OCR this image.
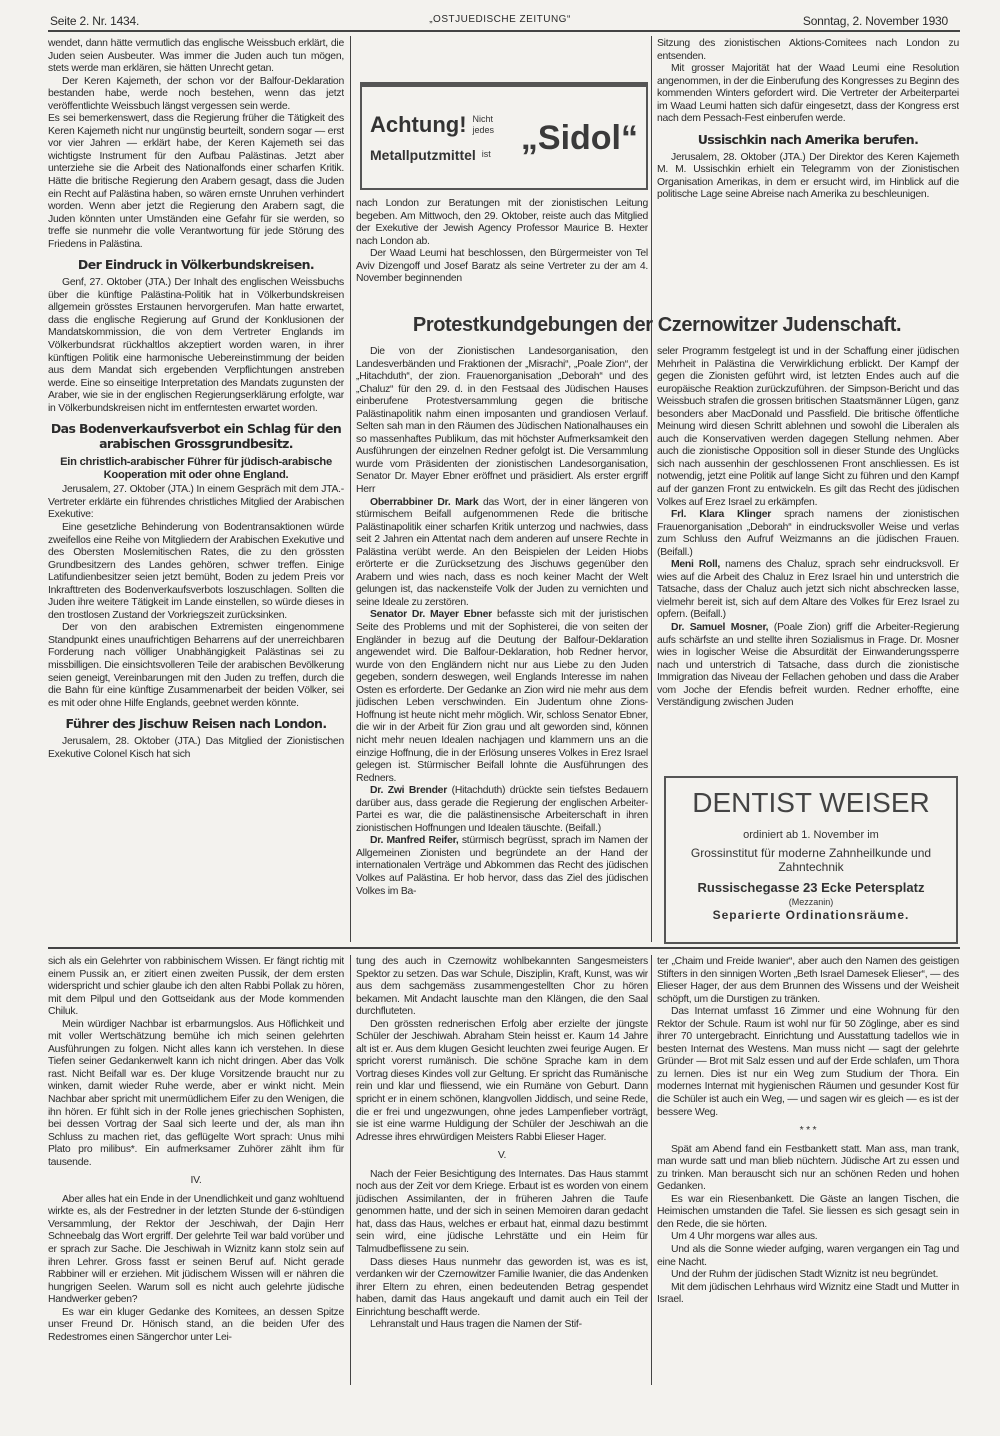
Seite 2. Nr. 1434.	„OSTJUEDISCHE ZEITUNG“	Sonntag, 2. November 1930

wendet, dann hätte vermutlich das englische Weissbuch erklärt, die Juden seien Ausbeuter. Was immer die Juden auch tun mögen, stets werde man erklären, sie hätten Unrecht getan.

Der Keren Kajemeth, der schon vor der Balfour-Deklaration bestanden habe, werde noch bestehen, wenn das jetzt veröffentlichte Weissbuch längst vergessen sein werde.

Es sei bemerkenswert, dass die Regierung früher die Tätigkeit des Keren Kajemeth nicht nur ungünstig beurteilt, sondern sogar — erst vor vier Jahren — erklärt habe, der Keren Kajemeth sei das wichtigste Instrument für den Aufbau Palästinas. Jetzt aber unterziehe sie die Arbeit des Nationalfonds einer scharfen Kritik. Hätte die britische Regierung den Arabern gesagt, dass die Juden ein Recht auf Palästina haben, so wären ernste Unruhen verhindert worden. Wenn aber jetzt die Regierung den Arabern sagt, die Juden könnten unter Umständen eine Gefahr für sie werden, so treffe sie nunmehr die volle Verantwortung für jede Störung des Friedens in Palästina.

Der Eindruck in Völkerbundskreisen.

Genf, 27. Oktober (JTA.) Der Inhalt des englischen Weissbuchs über die künftige Palästina-Politik hat in Völkerbundskreisen allgemein grösstes Erstaunen hervorgerufen. Man hatte erwartet, dass die englische Regierung auf Grund der Konklusionen der Mandatskommission, die von dem Vertreter Englands im Völkerbundsrat rückhaltlos akzeptiert worden waren, in ihrer künftigen Politik eine harmonische Uebereinstimmung der beiden aus dem Mandat sich ergebenden Verpflichtungen anstreben werde. Eine so einseitige Interpretation des Mandats zugunsten der Araber, wie sie in der englischen Regierungserklärung erfolgte, war in Völkerbundskreisen nicht im entferntesten erwartet worden.

Das Bodenverkaufsverbot ein Schlag für den arabischen Grossgrundbesitz.
Ein christlich-arabischer Führer für jüdisch-arabische Kooperation mit oder ohne England.

Jerusalem, 27. Oktober (JTA.) In einem Gespräch mit dem JTA.-Vertreter erklärte ein führendes christliches Mitglied der Arabischen Exekutive:

Eine gesetzliche Behinderung von Bodentransaktionen würde zweifellos eine Reihe von Mitgliedern der Arabischen Exekutive und des Obersten Moslemitischen Rates, die zu den grössten Grundbesitzern des Landes gehören, schwer treffen. Einige Latifundienbesitzer seien jetzt bemüht, Boden zu jedem Preis vor Inkrafttreten des Bodenverkaufsverbots loszuschlagen. Sollten die Juden ihre weitere Tätigkeit im Lande einstellen, so würde dieses in den trostlosen Zustand der Vorkriegszeit zurücksinken.

Der von den arabischen Extremisten eingenommene Standpunkt eines unaufrichtigen Beharrens auf der unerreichbaren Forderung nach völliger Unabhängigkeit Palästinas sei zu missbilligen. Die einsichtsvolleren Teile der arabischen Bevölkerung seien geneigt, Vereinbarungen mit den Juden zu treffen, durch die die Bahn für eine künftige Zusammenarbeit der beiden Völker, sei es mit oder ohne Hilfe Englands, geebnet werden könnte.

Führer des Jischuw Reisen nach London.

Jerusalem, 28. Oktober (JTA.) Das Mitglied der Zionistischen Exekutive Colonel Kisch hat sich

Achtung! Nicht jedes
Metallputzmittel ist „Sidol“

nach London zur Beratungen mit der zionistischen Leitung begeben. Am Mittwoch, den 29. Oktober, reiste auch das Mitglied der Exekutive der Jewish Agency Professor Maurice B. Hexter nach London ab.

Der Waad Leumi hat beschlossen, den Bürgermeister von Tel Aviv Dizengoff und Josef Baratz als seine Vertreter zu der am 4. November beginnenden

Sitzung des zionistischen Aktions-Comitees nach London zu entsenden.

Mit grosser Majorität hat der Waad Leumi eine Resolution angenommen, in der die Einberufung des Kongresses zu Beginn des kommenden Winters gefordert wird. Die Vertreter der Arbeiterpartei im Waad Leumi hatten sich dafür eingesetzt, dass der Kongress erst nach dem Pessach-Fest einberufen werde.

Ussischkin nach Amerika berufen.

Jerusalem, 28. Oktober (JTA.) Der Direktor des Keren Kajemeth M. M. Ussischkin erhielt ein Telegramm von der Zionistischen Organisation Amerikas, in dem er ersucht wird, im Hinblick auf die politische Lage seine Abreise nach Amerika zu beschleunigen.

Protestkundgebungen der Czernowitzer Judenschaft.

Die von der Zionistischen Landesorganisation, den Landesverbänden und Fraktionen der „Misrachi“, „Poale Zion“, der „Hitachduth“, der zion. Frauenorganisation „Deborah“ und des „Chaluz“ für den 29. d. in den Festsaal des Jüdischen Hauses einberufene Protestversammlung gegen die britische Palästinapolitik nahm einen imposanten und grandiosen Verlauf. Selten sah man in den Räumen des Jüdischen Nationalhauses ein so massenhaftes Publikum, das mit höchster Aufmerksamkeit den Ausführungen der einzelnen Redner gefolgt ist. Die Versammlung wurde vom Präsidenten der zionistischen Landesorganisation, Senator Dr. Mayer Ebner eröffnet und präsidiert. Als erster ergriff Herr

Oberrabbiner Dr. Mark das Wort, der in einer längeren von stürmischem Beifall aufgenommenen Rede die britische Palästinapolitik einer scharfen Kritik unterzog und nachwies, dass seit 2 Jahren ein Attentat nach dem anderen auf unsere Rechte in Palästina verübt werde. An den Beispielen der Leiden Hiobs erörterte er die Zurücksetzung des Jischuws gegenüber den Arabern und wies nach, dass es noch keiner Macht der Welt gelungen ist, das nackensteife Volk der Juden zu vernichten und seine Ideale zu zerstören.

Senator Dr. Mayer Ebner befasste sich mit der juristischen Seite des Problems und mit der Sophisterei, die von seiten der Engländer in bezug auf die Deutung der Balfour-Deklaration angewendet wird. Die Balfour-Deklaration, hob Redner hervor, wurde von den Engländern nicht nur aus Liebe zu den Juden gegeben, sondern deswegen, weil Englands Interesse im nahen Osten es erforderte. Der Gedanke an Zion wird nie mehr aus dem jüdischen Leben verschwinden. Ein Judentum ohne Zions-Hoffnung ist heute nicht mehr möglich. Wir, schloss Senator Ebner, die wir in der Arbeit für Zion grau und alt geworden sind, können nicht mehr neuen Idealen nachjagen und klammern uns an die einzige Hoffnung, die in der Erlösung unseres Volkes in Erez Israel gelegen ist. Stürmischer Beifall lohnte die Ausführungen des Redners.

Dr. Zwi Brender (Hitachduth) drückte sein tiefstes Bedauern darüber aus, dass gerade die Regierung der englischen Arbeiter-Partei es war, die die palästinensische Arbeiterschaft in ihren zionistischen Hoffnungen und Idealen täuschte. (Beifall.)

Dr. Manfred Reifer, stürmisch begrüsst, sprach im Namen der Allgemeinen Zionisten und begründete an der Hand der internationalen Verträge und Abkommen das Recht des jüdischen Volkes auf Palästina. Er hob hervor, dass das Ziel des jüdischen Volkes im Ba-

seler Programm festgelegt ist und in der Schaffung einer jüdischen Mehrheit in Palästina die Verwirklichung erblickt. Der Kampf der gegen die Zionisten geführt wird, ist letzten Endes auch auf die europäische Reaktion zurückzuführen. der Simpson-Bericht und das Weissbuch strafen die grossen britischen Staatsmänner Lügen, ganz besonders aber MacDonald und Passfield. Die britische öffentliche Meinung wird diesen Schritt ablehnen und sowohl die Liberalen als auch die Konservativen werden dagegen Stellung nehmen. Aber auch die zionistische Opposition soll in dieser Stunde des Unglücks sich nach aussenhin der geschlossenen Front anschliessen. Es ist notwendig, jetzt eine Politik auf lange Sicht zu führen und den Kampf auf der ganzen Front zu entwickeln. Es gilt das Recht des jüdischen Volkes auf Erez Israel zu erkämpfen.

Frl. Klara Klinger sprach namens der zionistischen Frauenorganisation „Deborah“ in eindrucksvoller Weise und verlas zum Schluss den Aufruf Weizmanns an die jüdischen Frauen. (Beifall.)

Meni Roll, namens des Chaluz, sprach sehr eindrucksvoll. Er wies auf die Arbeit des Chaluz in Erez Israel hin und unterstrich die Tatsache, dass der Chaluz auch jetzt sich nicht abschrecken lasse, vielmehr bereit ist, sich auf dem Altare des Volkes für Erez Israel zu opfern. (Beifall.)

Dr. Samuel Mosner, (Poale Zion) griff die Arbeiter-Regierung aufs schärfste an und stellte ihren Sozialismus in Frage. Dr. Mosner wies in logischer Weise die Absurdität der Einwanderungssperre nach und unterstrich di Tatsache, dass durch die zionistische Immigration das Niveau der Fellachen gehoben und dass die Araber vom Joche der Efendis befreit wurden. Redner erhoffte, eine Verständigung zwischen Juden

DENTIST WEISER
ordiniert ab 1. November im
Grossinstitut für moderne Zahnheilkunde und Zahntechnik
Russischegasse 23 Ecke Petersplatz
(Mezzanin)
Separierte Ordinationsräume.

sich als ein Gelehrter von rabbinischem Wissen. Er fängt richtig mit einem Pussik an, er zitiert einen zweiten Pussik, der dem ersten widerspricht und schier glaube ich den alten Rabbi Pollak zu hören, mit dem Pilpul und den Gottseidank aus der Mode kommenden Chiluk.

Mein würdiger Nachbar ist erbarmungslos. Aus Höflichkeit und mit voller Wertschätzung bemühe ich mich seinen gelehrten Ausführungen zu folgen. Nicht alles kann ich verstehen. In diese Tiefen seiner Gedankenwelt kann ich nicht dringen. Aber das Volk rast. Nicht Beifall war es. Der kluge Vorsitzende braucht nur zu winken, damit wieder Ruhe werde, aber er winkt nicht. Mein Nachbar aber spricht mit unermüdlichem Eifer zu den Wenigen, die ihn hören. Er fühlt sich in der Rolle jenes griechischen Sophisten, bei dessen Vortrag der Saal sich leerte und der, als man ihn Schluss zu machen riet, das geflügelte Wort sprach: Unus mihi Plato pro milibus*. Ein aufmerksamer Zuhörer zählt ihm für tausende.

IV.

Aber alles hat ein Ende in der Unendlichkeit und ganz wohltuend wirkte es, als der Festredner in der letzten Stunde der 6-stündigen Versammlung, der Rektor der Jeschiwah, der Dajin Herr Schneebalg das Wort ergriff. Der gelehrte Teil war bald vorüber und er sprach zur Sache. Die Jeschiwah in Wiznitz kann stolz sein auf ihren Lehrer. Gross fasst er seinen Beruf auf. Nicht gerade Rabbiner will er erziehen. Mit jüdischem Wissen will er nähren die hungrigen Seelen. Warum soll es nicht auch gelehrte jüdische Handwerker geben?

Es war ein kluger Gedanke des Komitees, an dessen Spitze unser Freund Dr. Hönisch stand, an die beiden Ufer des Redestromes einen Sängerchor unter Lei-

tung des auch in Czernowitz wohlbekannten Sangesmeisters Spektor zu setzen. Das war Schule, Disziplin, Kraft, Kunst, was wir aus dem sachgemäss zusammengestellten Chor zu hören bekamen. Mit Andacht lauschte man den Klängen, die den Saal durchfluteten.

Den grössten rednerischen Erfolg aber erzielte der jüngste Schüler der Jeschiwah. Abraham Stein heisst er. Kaum 14 Jahre alt ist er. Aus dem klugen Gesicht leuchten zwei feurige Augen. Er spricht vorerst rumänisch. Die schöne Sprache kam in dem Vortrag dieses Kindes voll zur Geltung. Er spricht das Rumänische rein und klar und fliessend, wie ein Rumäne von Geburt. Dann spricht er in einem schönen, klangvollen Jiddisch, und seine Rede, die er frei und ungezwungen, ohne jedes Lampenfieber vorträgt, sie ist eine warme Huldigung der Schüler der Jeschiwah an die Adresse ihres ehrwürdigen Meisters Rabbi Elieser Hager.

V.

Nach der Feier Besichtigung des Internates. Das Haus stammt noch aus der Zeit vor dem Kriege. Erbaut ist es worden von einem jüdischen Assimilanten, der in früheren Jahren die Taufe genommen hatte, und der sich in seinen Memoiren daran gedacht hat, dass das Haus, welches er erbaut hat, einmal dazu bestimmt sein wird, eine jüdische Lehrstätte und ein Heim für Talmudbeflissene zu sein.

Dass dieses Haus nunmehr das geworden ist, was es ist, verdanken wir der Czernowitzer Familie Iwanier, die das Andenken ihrer Eltern zu ehren, einen bedeutenden Betrag gespendet haben, damit das Haus angekauft und damit auch ein Teil der Einrichtung beschafft werde.

Lehranstalt und Haus tragen die Namen der Stif-

ter „Chaim und Freide Iwanier“, aber auch den Namen des geistigen Stifters in den sinnigen Worten „Beth Israel Damesek Elieser“, — des Elieser Hager, der aus dem Brunnen des Wissens und der Weisheit schöpft, um die Durstigen zu tränken.

Das Internat umfasst 16 Zimmer und eine Wohnung für den Rektor der Schule. Raum ist wohl nur für 50 Zöglinge, aber es sind ihrer 70 untergebracht. Einrichtung und Ausstattung tadellos wie in besten Internat des Westens. Man muss nicht — sagt der gelehrte Gründer — Brot mit Salz essen und auf der Erde schlafen, um Thora zu lernen. Dies ist nur ein Weg zum Studium der Thora. Ein modernes Internat mit hygienischen Räumen und gesunder Kost für die Schüler ist auch ein Weg, — und sagen wir es gleich — es ist der bessere Weg.

* * *

Spät am Abend fand ein Festbankett statt. Man ass, man trank, man wurde satt und man blieb nüchtern. Jüdische Art zu essen und zu trinken. Man berauscht sich nur an schönen Reden und hohen Gedanken.

Es war ein Riesenbankett. Die Gäste an langen Tischen, die Heimischen umstanden die Tafel. Sie liessen es sich gesagt sein in den Rede, die sie hörten.

Um 4 Uhr morgens war alles aus.

Und als die Sonne wieder aufging, waren vergangen ein Tag und eine Nacht.

Und der Ruhm der jüdischen Stadt Wiznitz ist neu begründet.

Mit dem jüdischen Lehrhaus wird Wiznitz eine Stadt und Mutter in Israel.
